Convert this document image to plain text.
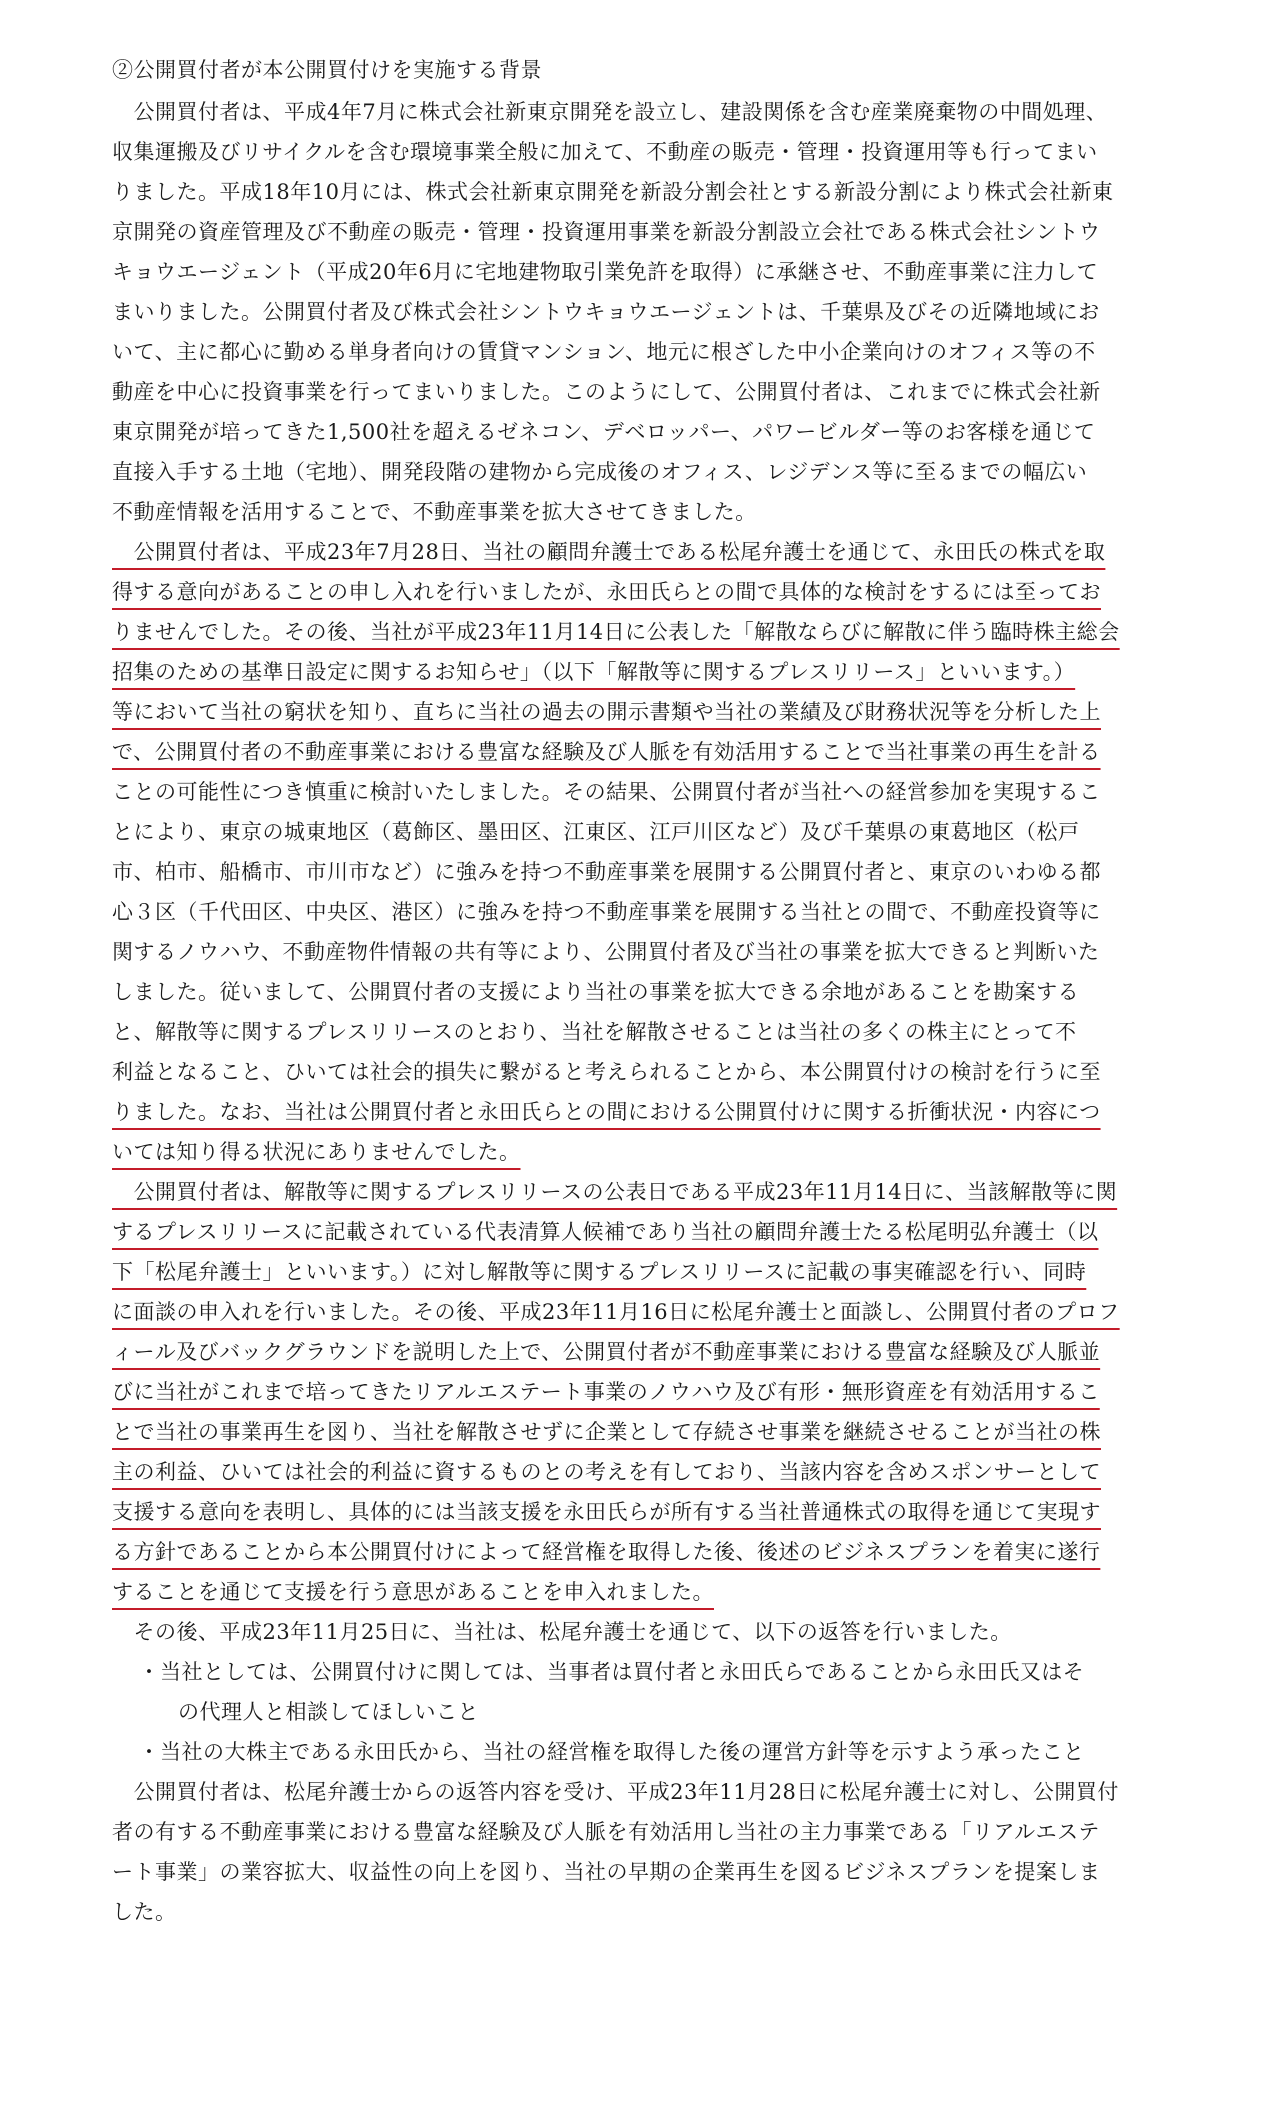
②公開買付者が本公開買付けを実施する背景
　公開買付者は、平成4年7月に株式会社新東京開発を設立し、建設関係を含む産業廃棄物の中間処理、
収集運搬及びリサイクルを含む環境事業全般に加えて、不動産の販売・管理・投資運用等も行ってまい
りました。平成18年10月には、株式会社新東京開発を新設分割会社とする新設分割により株式会社新東
京開発の資産管理及び不動産の販売・管理・投資運用事業を新設分割設立会社である株式会社シントウ
キョウエージェント（平成20年6月に宅地建物取引業免許を取得）に承継させ、不動産事業に注力して
まいりました。公開買付者及び株式会社シントウキョウエージェントは、千葉県及びその近隣地域にお
いて、主に都心に勤める単身者向けの賃貸マンション、地元に根ざした中小企業向けのオフィス等の不
動産を中心に投資事業を行ってまいりました。このようにして、公開買付者は、これまでに株式会社新
東京開発が培ってきた1,500社を超えるゼネコン、デベロッパー、パワービルダー等のお客様を通じて
直接入手する土地（宅地）、開発段階の建物から完成後のオフィス、レジデンス等に至るまでの幅広い
不動産情報を活用することで、不動産事業を拡大させてきました。
　公開買付者は、平成23年7月28日、当社の顧問弁護士である松尾弁護士を通じて、永田氏の株式を取
得する意向があることの申し入れを行いましたが、永田氏らとの間で具体的な検討をするには至ってお
りませんでした。その後、当社が平成23年11月14日に公表した「解散ならびに解散に伴う臨時株主総会
招集のための基準日設定に関するお知らせ」（以下「解散等に関するプレスリリース」といいます。）
等において当社の窮状を知り、直ちに当社の過去の開示書類や当社の業績及び財務状況等を分析した上
で、公開買付者の不動産事業における豊富な経験及び人脈を有効活用することで当社事業の再生を計る
ことの可能性につき慎重に検討いたしました。その結果、公開買付者が当社への経営参加を実現するこ
とにより、東京の城東地区（葛飾区、墨田区、江東区、江戸川区など）及び千葉県の東葛地区（松戸
市、柏市、船橋市、市川市など）に強みを持つ不動産事業を展開する公開買付者と、東京のいわゆる都
心３区（千代田区、中央区、港区）に強みを持つ不動産事業を展開する当社との間で、不動産投資等に
関するノウハウ、不動産物件情報の共有等により、公開買付者及び当社の事業を拡大できると判断いた
しました。従いまして、公開買付者の支援により当社の事業を拡大できる余地があることを勘案する
と、解散等に関するプレスリリースのとおり、当社を解散させることは当社の多くの株主にとって不
利益となること、ひいては社会的損失に繋がると考えられることから、本公開買付けの検討を行うに至
りました。なお、当社は公開買付者と永田氏らとの間における公開買付けに関する折衝状況・内容につ
いては知り得る状況にありませんでした。
　公開買付者は、解散等に関するプレスリリースの公表日である平成23年11月14日に、当該解散等に関
するプレスリリースに記載されている代表清算人候補であり当社の顧問弁護士たる松尾明弘弁護士（以
下「松尾弁護士」といいます。）に対し解散等に関するプレスリリースに記載の事実確認を行い、同時
に面談の申入れを行いました。その後、平成23年11月16日に松尾弁護士と面談し、公開買付者のプロフ
ィール及びバックグラウンドを説明した上で、公開買付者が不動産事業における豊富な経験及び人脈並
びに当社がこれまで培ってきたリアルエステート事業のノウハウ及び有形・無形資産を有効活用するこ
とで当社の事業再生を図り、当社を解散させずに企業として存続させ事業を継続させることが当社の株
主の利益、ひいては社会的利益に資するものとの考えを有しており、当該内容を含めスポンサーとして
支援する意向を表明し、具体的には当該支援を永田氏らが所有する当社普通株式の取得を通じて実現す
る方針であることから本公開買付けによって経営権を取得した後、後述のビジネスプランを着実に遂行
することを通じて支援を行う意思があることを申入れました。
　その後、平成23年11月25日に、当社は、松尾弁護士を通じて、以下の返答を行いました。
・当社としては、公開買付けに関しては、当事者は買付者と永田氏らであることから永田氏又はそ
の代理人と相談してほしいこと
・当社の大株主である永田氏から、当社の経営権を取得した後の運営方針等を示すよう承ったこと
　公開買付者は、松尾弁護士からの返答内容を受け、平成23年11月28日に松尾弁護士に対し、公開買付
者の有する不動産事業における豊富な経験及び人脈を有効活用し当社の主力事業である「リアルエステ
ート事業」の業容拡大、収益性の向上を図り、当社の早期の企業再生を図るビジネスプランを提案しま
した。
